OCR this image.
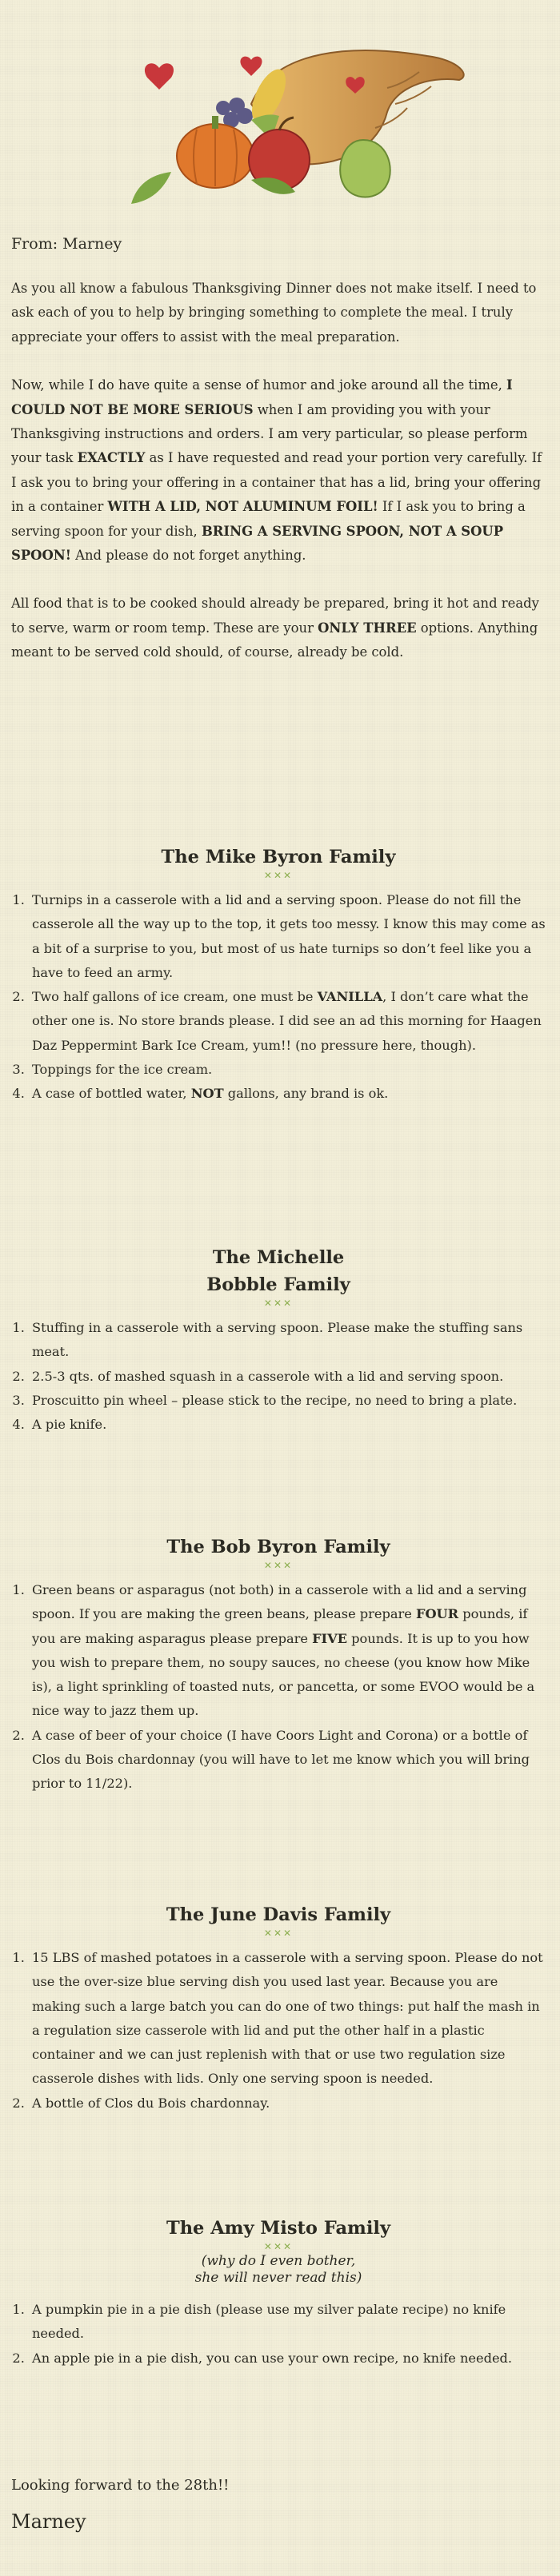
From: Marney

As you all know a fabulous Thanksgiving Dinner does not make itself. I need to ask each of you to help by bringing something to complete the meal. I truly appreciate your offers to assist with the meal preparation.

Now, while I do have quite a sense of humor and joke around all the time, I COULD NOT BE MORE SERIOUS when I am providing you with your Thanksgiving instructions and orders. I am very particular, so please perform your task EXACTLY as I have requested and read your portion very carefully. If I ask you to bring your offering in a container that has a lid, bring your offering in a container WITH A LID, NOT ALUMINUM FOIL! If I ask you to bring a serving spoon for your dish, BRING A SERVING SPOON, NOT A SOUP SPOON! And please do not forget anything.

All food that is to be cooked should already be prepared, bring it hot and ready to serve, warm or room temp. These are your ONLY THREE options. Anything meant to be served cold should, of course, already be cold.

The Mike Byron Family
✕✕✕
1. Turnips in a casserole with a lid and a serving spoon. Please do not fill the casserole all the way up to the top, it gets too messy. I know this may come as a bit of a surprise to you, but most of us hate turnips so don’t feel like you a have to feed an army.
2. Two half gallons of ice cream, one must be VANILLA, I don’t care what the other one is. No store brands please. I did see an ad this morning for Haagen Daz Peppermint Bark Ice Cream, yum!! (no pressure here, though).
3. Toppings for the ice cream.
4. A case of bottled water, NOT gallons, any brand is ok.
The Michelle Bobble Family
✕✕✕
1. Stuffing in a casserole with a serving spoon. Please make the stuffing sans meat.
2. 2.5-3 qts. of mashed squash in a casserole with a lid and serving spoon.
3. Proscuitto pin wheel – please stick to the recipe, no need to bring a plate.
4. A pie knife.
The Bob Byron Family
✕✕✕
1. Green beans or asparagus (not both) in a casserole with a lid and a serving spoon. If you are making the green beans, please prepare FOUR pounds, if you are making asparagus please prepare FIVE pounds. It is up to you how you wish to prepare them, no soupy sauces, no cheese (you know how Mike is), a light sprinkling of toasted nuts, or pancetta, or some EVOO would be a nice way to jazz them up.
2. A case of beer of your choice (I have Coors Light and Corona) or a bottle of Clos du Bois chardonnay (you will have to let me know which you will bring prior to 11/22).
The June Davis Family
✕✕✕
1. 15 LBS of mashed potatoes in a casserole with a serving spoon. Please do not use the over-size blue serving dish you used last year. Because you are making such a large batch you can do one of two things: put half the mash in a regulation size casserole with lid and put the other half in a plastic container and we can just replenish with that or use two regulation size casserole dishes with lids. Only one serving spoon is needed.
2. A bottle of Clos du Bois chardonnay.
The Amy Misto Family
✕✕✕
(why do I even bother,
she will never read this)
1. A pumpkin pie in a pie dish (please use my silver palate recipe) no knife needed.
2. An apple pie in a pie dish, you can use your own recipe, no knife needed.
Looking forward to the 28th!!
Marney
